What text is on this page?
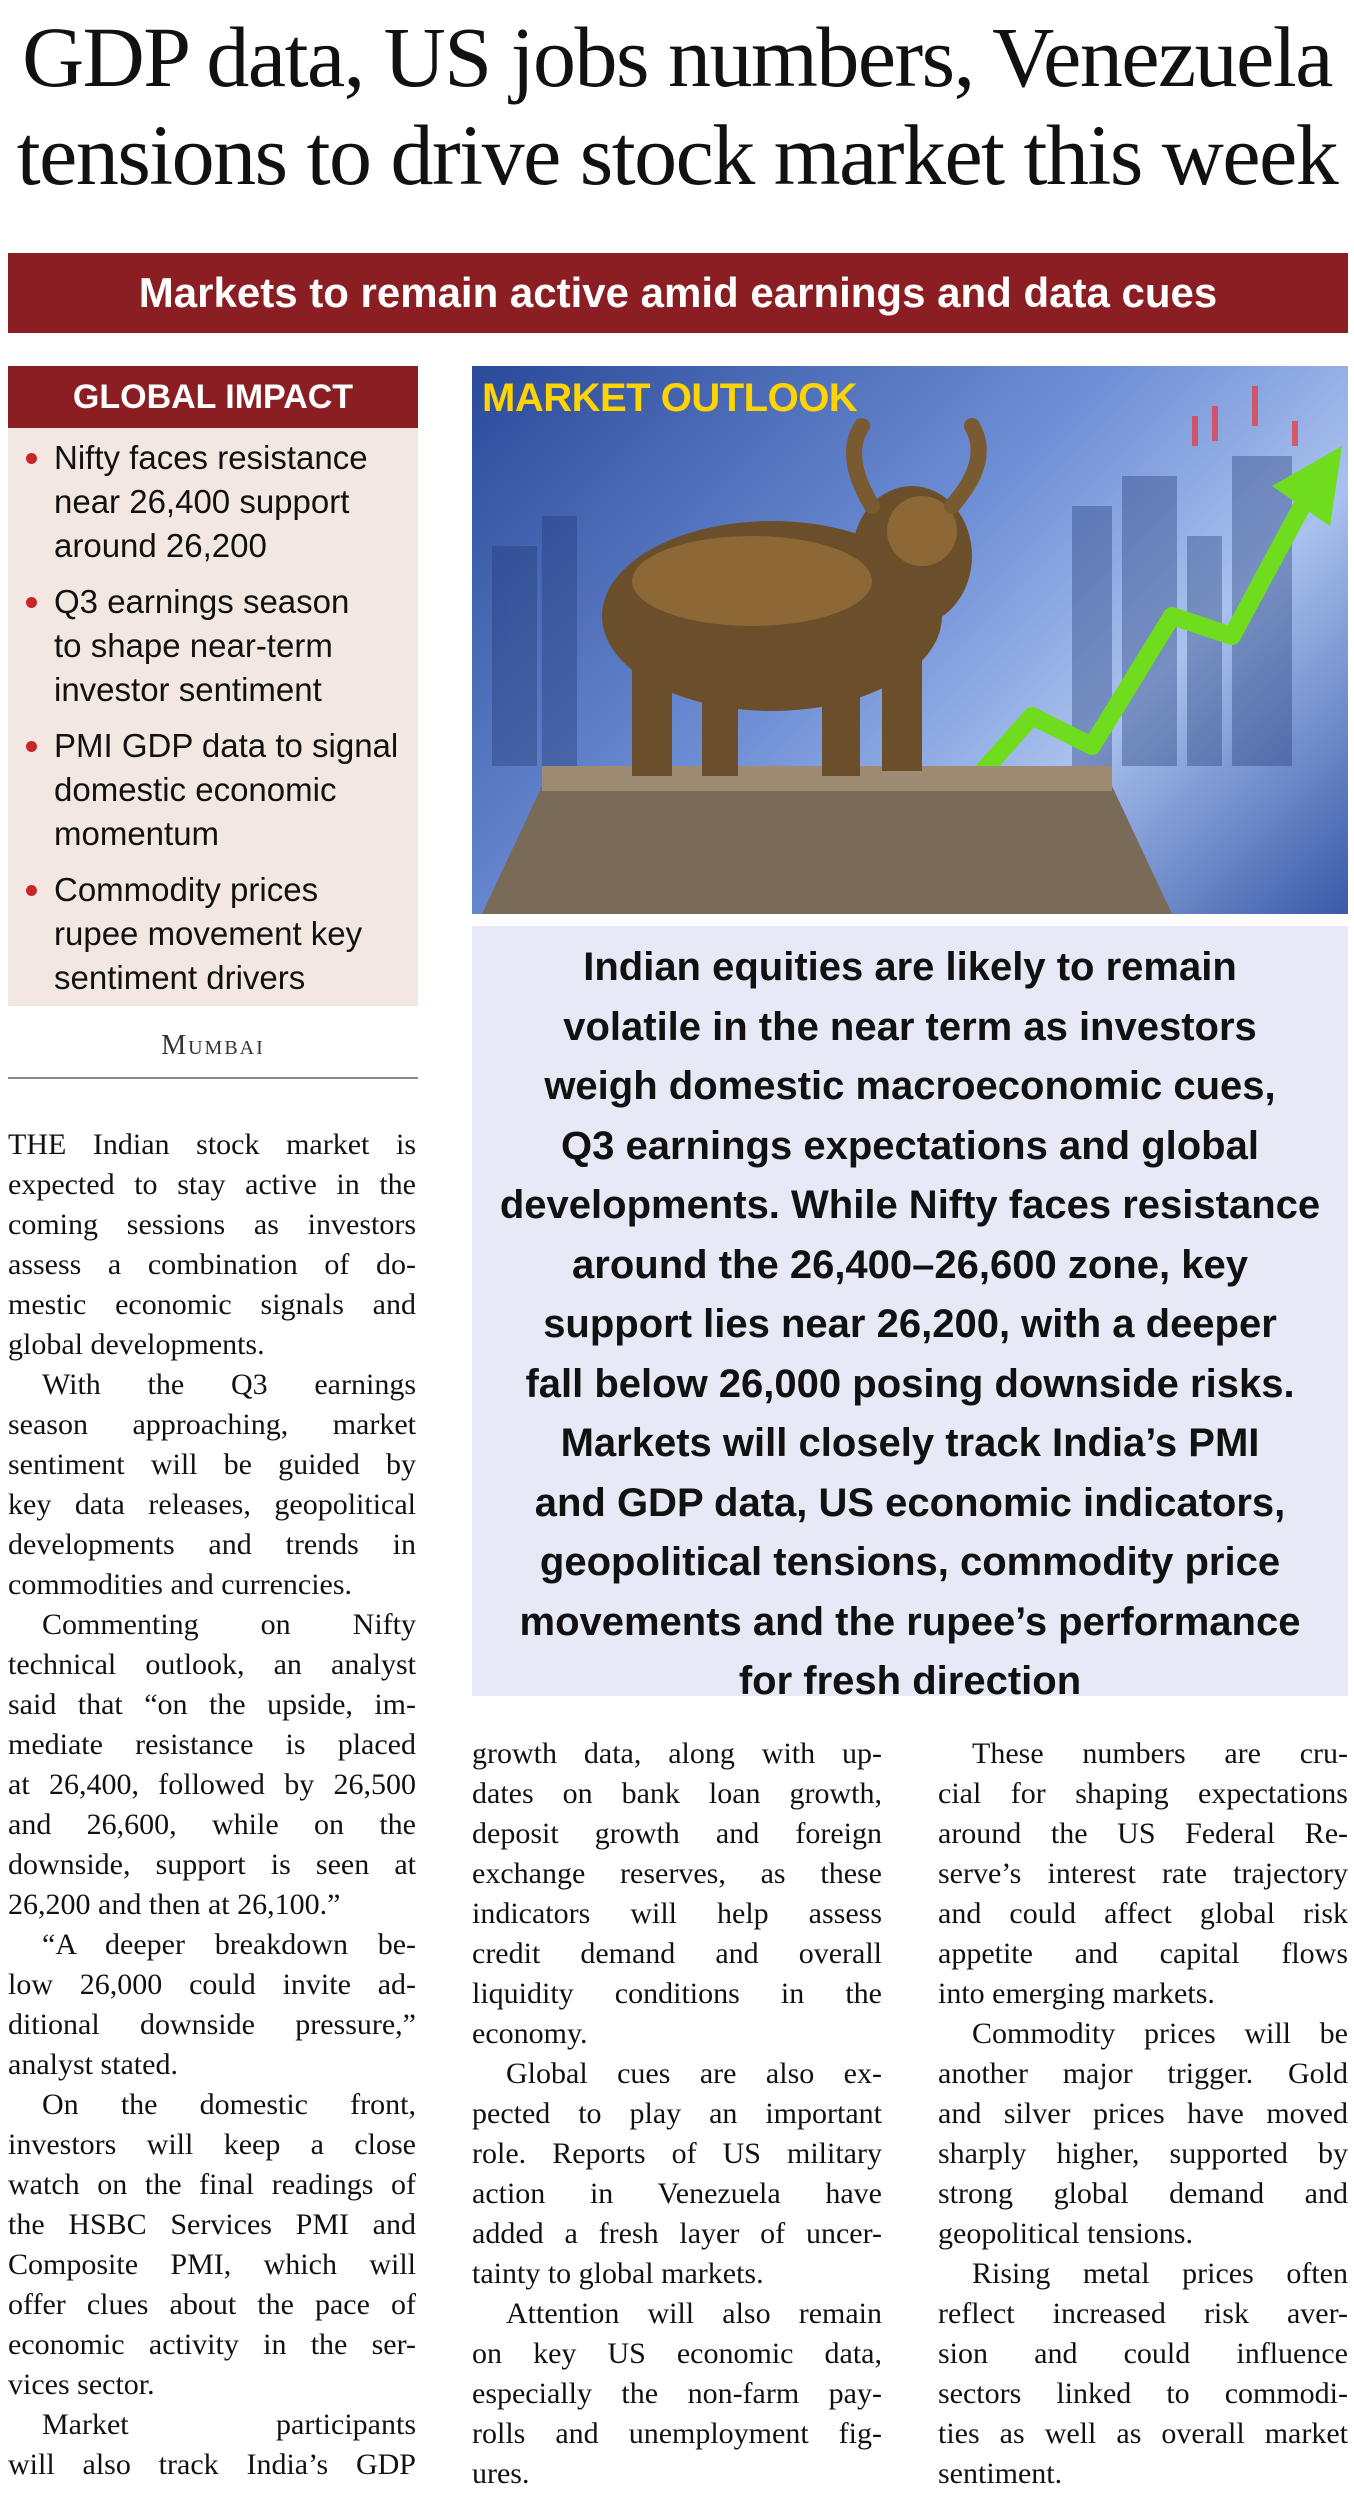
GDP data, US jobs numbers, Venezuela
tensions to drive stock market this week
Markets to remain active amid earnings and data cues
GLOBAL IMPACT
Nifty faces resistance
near 26,400 support
around 26,200
Q3 earnings season
to shape near-term
investor sentiment
PMI GDP data to signal
domestic economic
momentum
Commodity prices
rupee movement key
sentiment drivers
Mumbai
MARKET OUTLOOK
Indian equities are likely to remain
volatile in the near term as investors
weigh domestic macroeconomic cues,
Q3 earnings expectations and global
developments. While Nifty faces resistance
around the 26,400–26,600 zone, key
support lies near 26,200, with a deeper
fall below 26,000 posing downside risks.
Markets will closely track India’s PMI
and GDP data, US economic indicators,
geopolitical tensions, commodity price
movements and the rupee’s performance
for fresh direction
THE Indian stock market is
expected to stay active in the
coming sessions as investors
assess a combination of do-
mestic economic signals and
global developments.
With the Q3 earnings
season approaching, market
sentiment will be guided by
key data releases, geopolitical
developments and trends in
commodities and currencies.
Commenting on Nifty
technical outlook, an analyst
said that “on the upside, im-
mediate resistance is placed
at 26,400, followed by 26,500
and 26,600, while on the
downside, support is seen at
26,200 and then at 26,100.”
“A deeper breakdown be-
low 26,000 could invite ad-
ditional downside pressure,”
analyst stated.
On the domestic front,
investors will keep a close
watch on the final readings of
the HSBC Services PMI and
Composite PMI, which will
offer clues about the pace of
economic activity in the ser-
vices sector.
Market participants
will also track India’s GDP
growth data, along with up-
dates on bank loan growth,
deposit growth and foreign
exchange reserves, as these
indicators will help assess
credit demand and overall
liquidity conditions in the
economy.
Global cues are also ex-
pected to play an important
role. Reports of US military
action in Venezuela have
added a fresh layer of uncer-
tainty to global markets.
Attention will also remain
on key US economic data,
especially the non-farm pay-
rolls and unemployment fig-
ures.
These numbers are cru-
cial for shaping expectations
around the US Federal Re-
serve’s interest rate trajectory
and could affect global risk
appetite and capital flows
into emerging markets.
Commodity prices will be
another major trigger. Gold
and silver prices have moved
sharply higher, supported by
strong global demand and
geopolitical tensions.
Rising metal prices often
reflect increased risk aver-
sion and could influence
sectors linked to commodi-
ties as well as overall market
sentiment.
